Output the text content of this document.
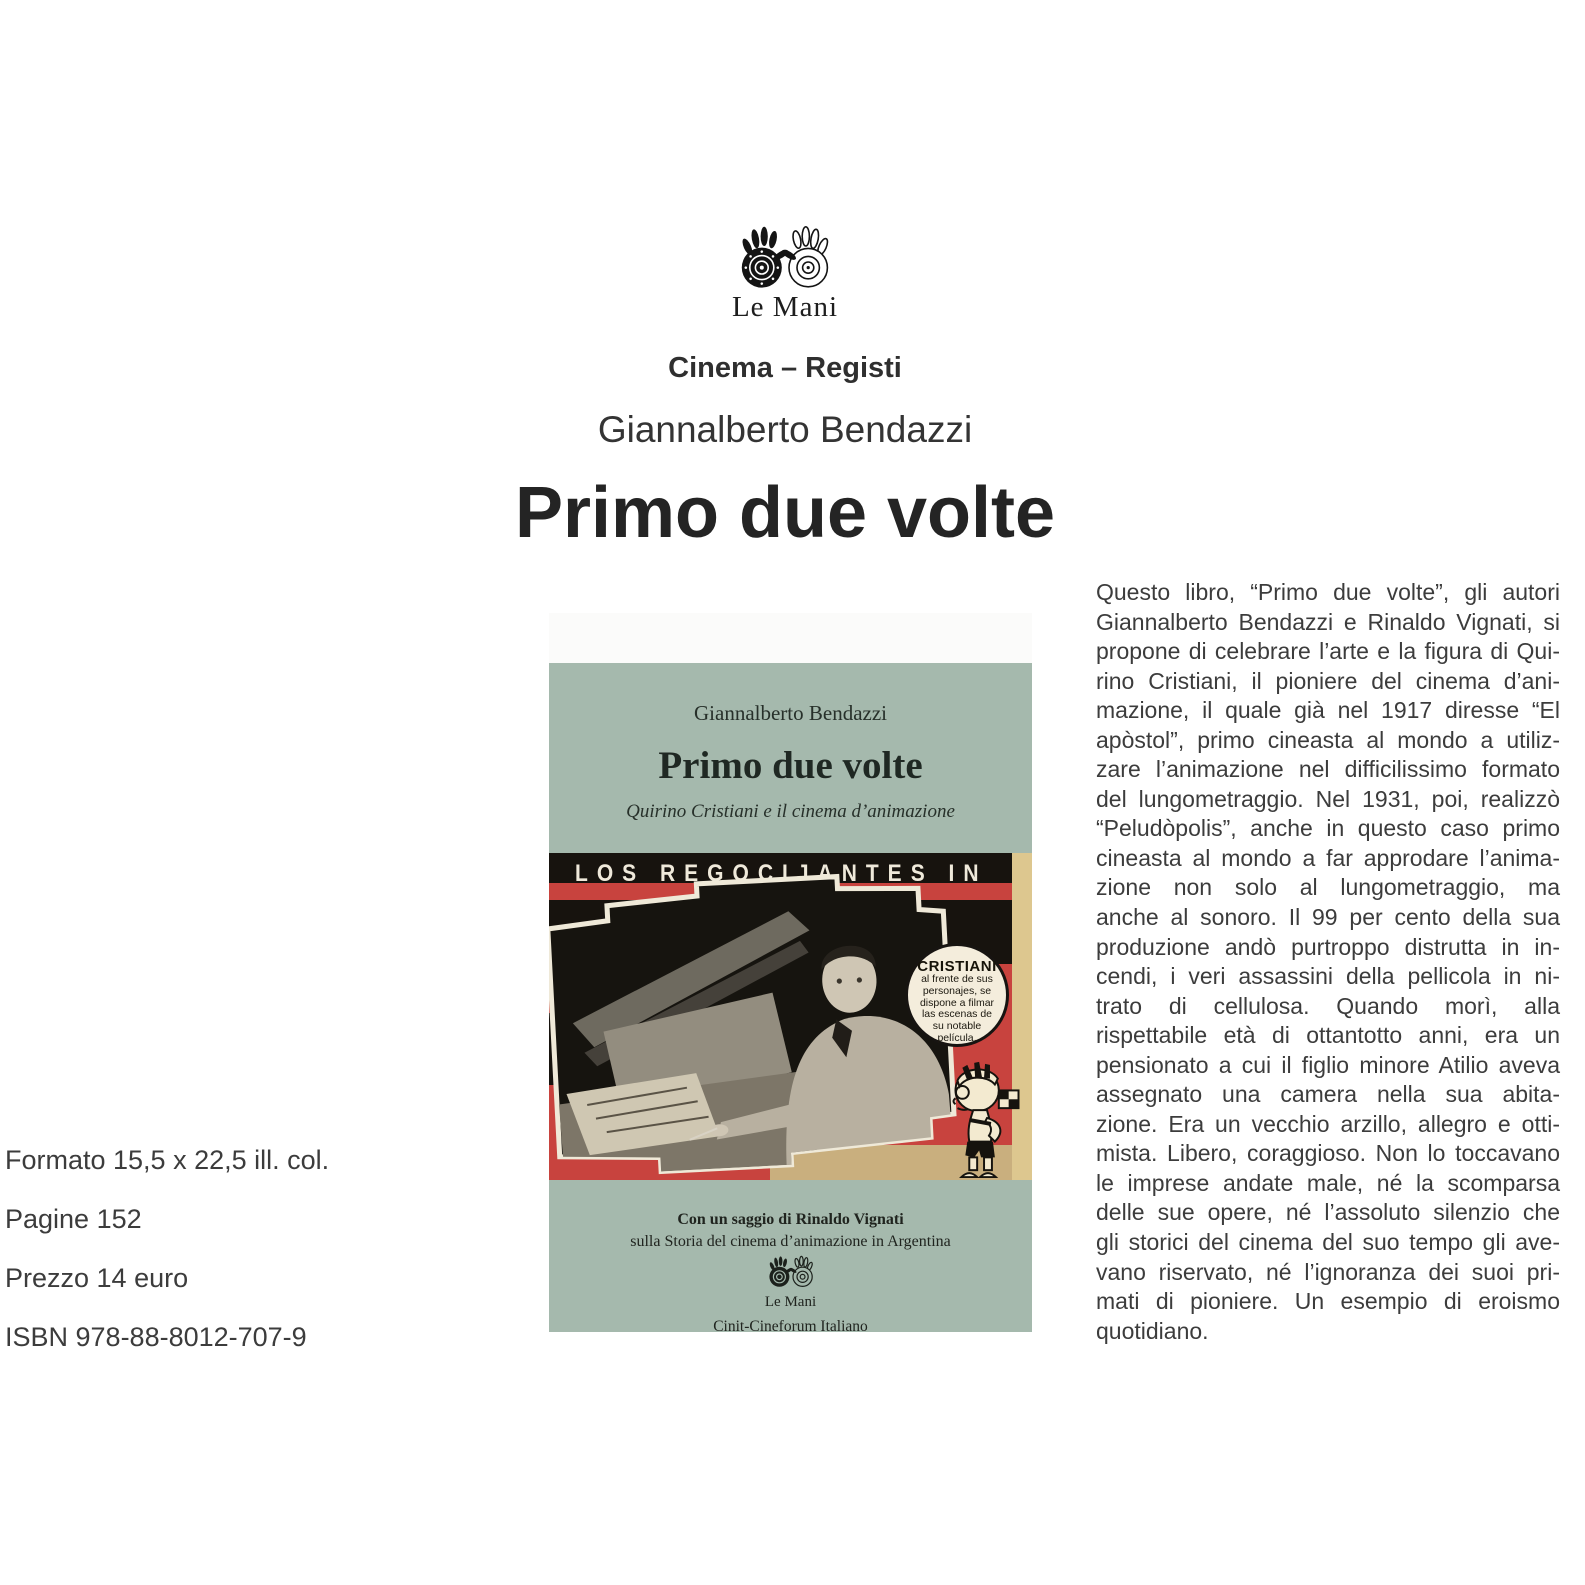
Le Mani
Cinema – Registi
Giannalberto Bendazzi
Primo due volte
Formato 15,5 x 22,5 ill. col.
Pagine 152
Prezzo 14 euro
ISBN 978-88-8012-707-9
Questo libro, “Primo due volte”, gli autori
Giannalberto Bendazzi e Rinaldo Vignati, si
propone di celebrare l’arte e la figura di Qui-
rino Cristiani, il pioniere del cinema d’ani-
mazione, il quale già nel 1917 diresse “El
apòstol”, primo cineasta al mondo a utiliz-
zare l’animazione nel difficilissimo formato
del lungometraggio. Nel 1931, poi, realizzò
“Peludòpolis”, anche in questo caso primo
cineasta al mondo a far approdare l’anima-
zione non solo al lungometraggio, ma
anche al sonoro. Il 99 per cento della sua
produzione andò purtroppo distrutta in in-
cendi, i veri assassini della pellicola in ni-
trato di cellulosa. Quando morì, alla
rispettabile età di ottantotto anni, era un
pensionato a cui il figlio minore Atilio aveva
assegnato una camera nella sua abita-
zione. Era un vecchio arzillo, allegro e otti-
mista. Libero, coraggioso. Non lo toccavano
le imprese andate male, né la scomparsa
delle sue opere, né l’assoluto silenzio che
gli storici del cinema del suo tempo gli ave-
vano riservato, né l’ignoranza dei suoi pri-
mati di pioniere. Un esempio di eroismo
quotidiano.
Giannalberto Bendazzi
Primo due volte
Quirino Cristiani e il cinema d’animazione
LOS REGOCIJANTES IN
CRISTIANI
al frente de sus
personajes, se
dispone a filmar
las escenas de
su notable
película.
Con un saggio di Rinaldo Vignati
sulla Storia del cinema d’animazione in Argentina
Le Mani
Cinit-Cineforum Italiano
